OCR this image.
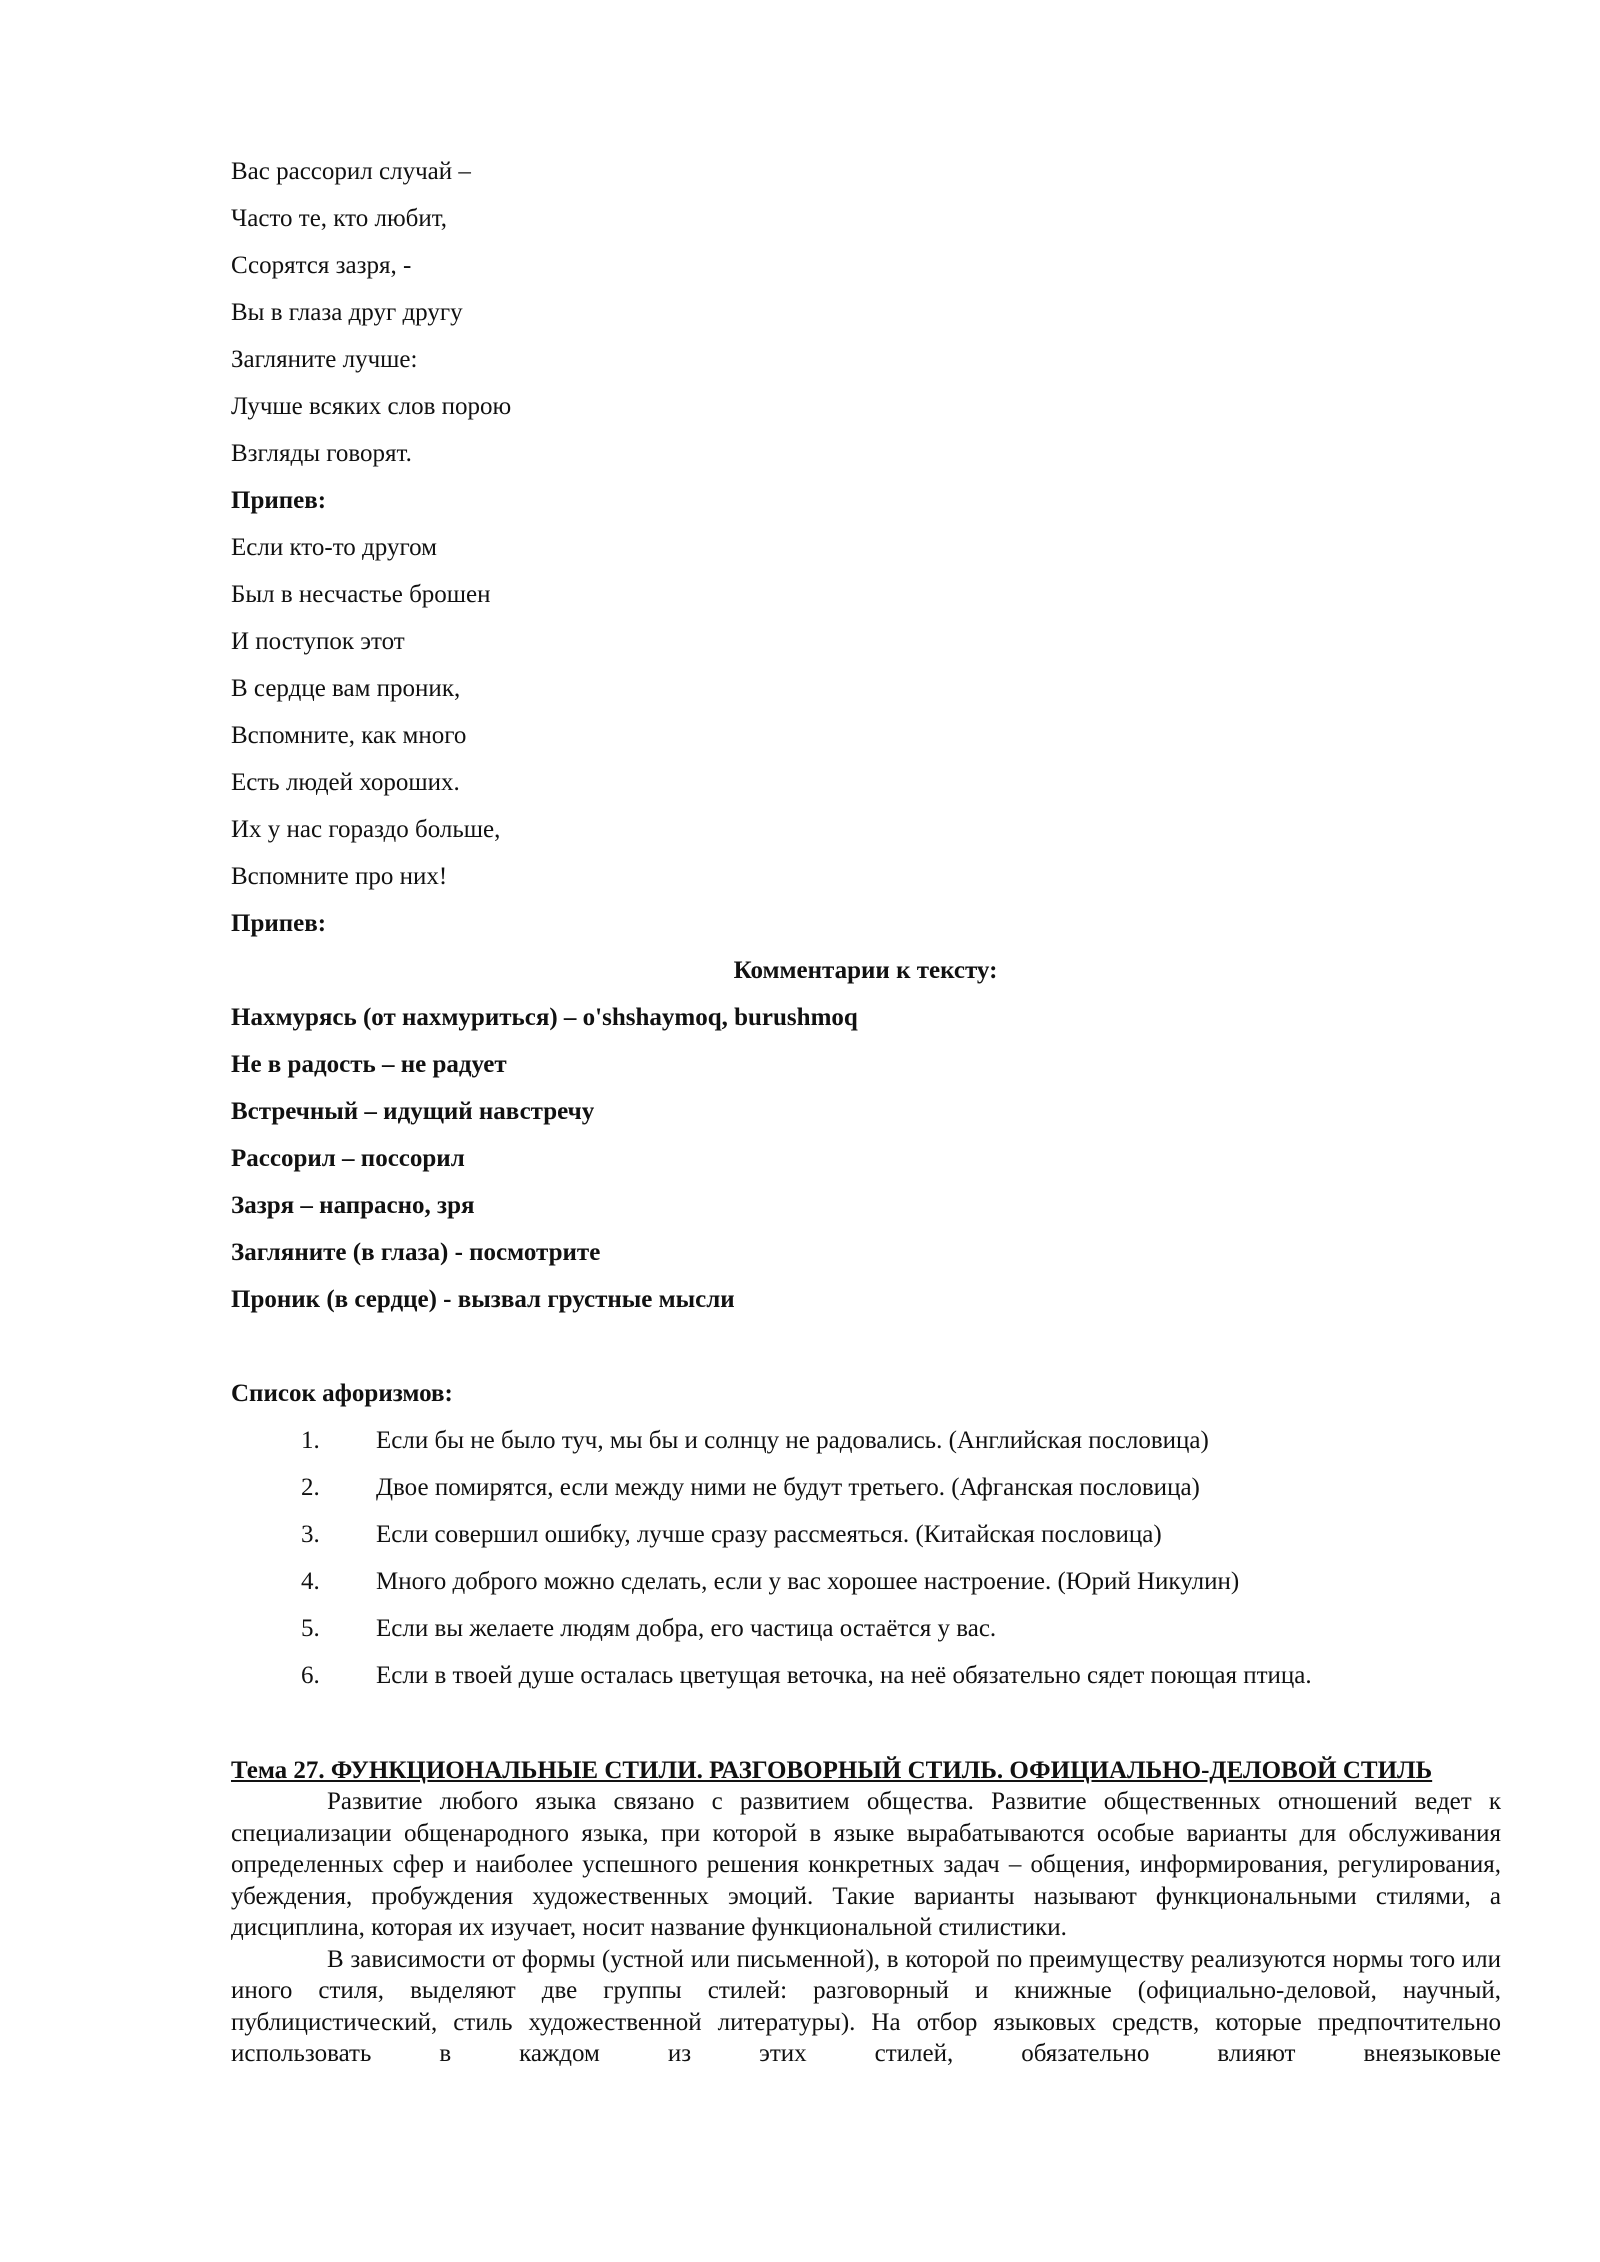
Вас рассорил случай –
Часто те, кто любит,
Ссорятся зазря, -
Вы в глаза друг другу
Загляните лучше:
Лучше всяких слов порою
Взгляды говорят.
Припев:
Если кто-то другом
Был в несчастье брошен
И поступок этот
В сердце вам проник,
Вспомните, как много
Есть людей хороших.
Их у нас гораздо больше,
Вспомните про них!
Припев:
Комментарии к тексту:
Нахмурясь (от нахмуриться) – o'shshaymoq, burushmoq
Не в радость – не радует
Встречный – идущий навстречу
Рассорил – поссорил
Зазря – напрасно, зря
Загляните (в глаза) - посмотрите
Проник (в сердце) - вызвал грустные мысли
Список афоризмов:
1.	Если бы не было туч, мы бы и солнцу не радовались. (Английская пословица)
2.	Двое помирятся, если между ними не будут третьего. (Афганская пословица)
3.	Если совершил ошибку, лучше сразу рассмеяться. (Китайская пословица)
4.	Много доброго можно сделать, если у вас хорошее настроение. (Юрий Никулин)
5.	Если вы желаете людям добра, его частица остаётся у вас.
6.	Если в твоей душе осталась цветущая веточка, на неё обязательно сядет поющая птица.
Тема 27. ФУНКЦИОНАЛЬНЫЕ СТИЛИ. РАЗГОВОРНЫЙ СТИЛЬ. ОФИЦИАЛЬНО-ДЕЛОВОЙ СТИЛЬ

Развитие любого языка связано с развитием общества. Развитие общественных отношений ведет к специализации общенародного языка, при которой в языке вырабатываются особые варианты для обслуживания определенных сфер и наиболее успешного решения конкретных задач – общения, информирования, регулирования, убеждения, пробуждения художественных эмоций. Такие варианты называют функциональными стилями, а дисциплина, которая их изучает, носит название функциональной стилистики.

В зависимости от формы (устной или письменной), в которой по преимуществу реализуются нормы того или иного стиля, выделяют две группы стилей: разговорный и книжные (официально-деловой, научный, публицистический, стиль художественной литературы). На отбор языковых средств, которые предпочтительно использовать в каждом из этих стилей, обязательно влияют внеязыковые
